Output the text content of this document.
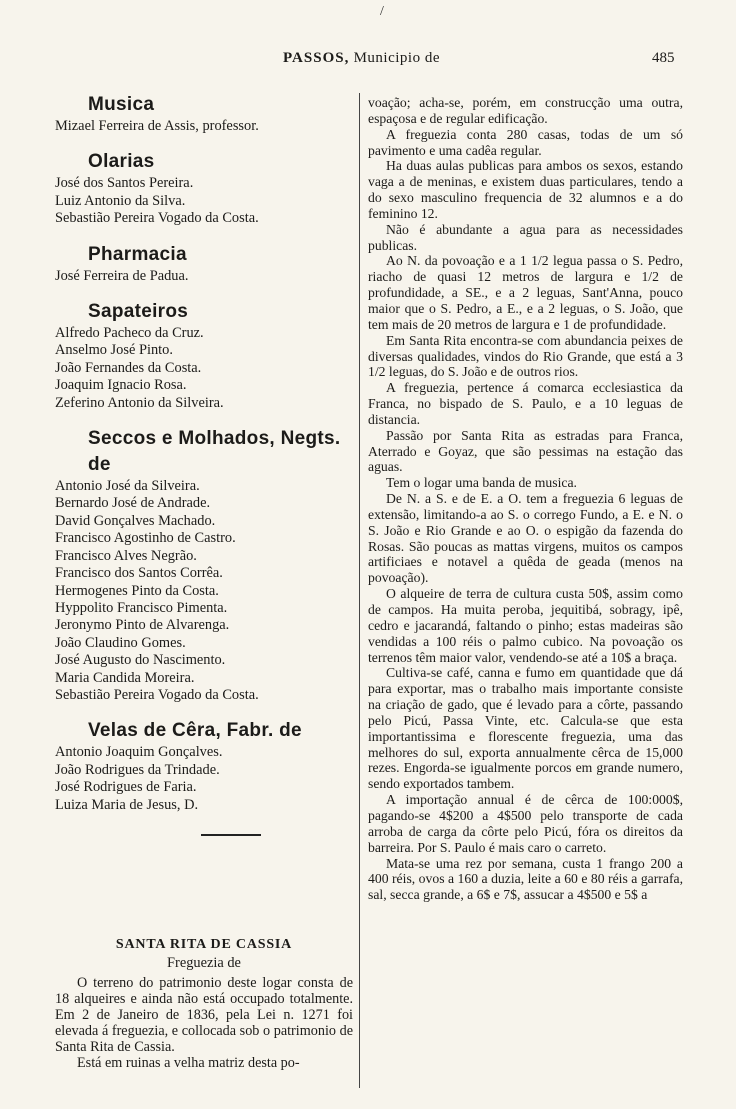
/
PASSOS, Municipio de	485
Musica
Mizael Ferreira de Assis, professor.
Olarias
José dos Santos Pereira.
Luiz Antonio da Silva.
Sebastião Pereira Vogado da Costa.
Pharmacia
José Ferreira de Padua.
Sapateiros
Alfredo Pacheco da Cruz.
Anselmo José Pinto.
João Fernandes da Costa.
Joaquim Ignacio Rosa.
Zeferino Antonio da Silveira.
Seccos e Molhados, Negts. de
Antonio José da Silveira.
Bernardo José de Andrade.
David Gonçalves Machado.
Francisco Agostinho de Castro.
Francisco Alves Negrão.
Francisco dos Santos Corrêa.
Hermogenes Pinto da Costa.
Hyppolito Francisco Pimenta.
Jeronymo Pinto de Alvarenga.
João Claudino Gomes.
José Augusto do Nascimento.
Maria Candida Moreira.
Sebastião Pereira Vogado da Costa.
Velas de Cêra, Fabr. de
Antonio Joaquim Gonçalves.
João Rodrigues da Trindade.
José Rodrigues de Faria.
Luiza Maria de Jesus, D.
SANTA RITA DE CASSIA
Freguezia de

O terreno do patrimonio deste logar consta de 18 alqueires e ainda não está occupado totalmente. Em 2 de Janeiro de 1836, pela Lei n. 1271 foi elevada á freguezia, e collocada sob o patrimonio de Santa Rita de Cassia.

Está em ruinas a velha matriz desta po-

voação; acha-se, porém, em construcção uma outra, espaçosa e de regular edificação.

A freguezia conta 280 casas, todas de um só pavimento e uma cadêa regular.

Ha duas aulas publicas para ambos os sexos, estando vaga a de meninas, e existem duas particulares, tendo a do sexo masculino frequencia de 32 alumnos e a do feminino 12.

Não é abundante a agua para as necessidades publicas.

Ao N. da povoação e a 1 1/2 legua passa o S. Pedro, riacho de quasi 12 metros de largura e 1/2 de profundidade, a SE., e a 2 leguas, Sant'Anna, pouco maior que o S. Pedro, a E., e a 2 leguas, o S. João, que tem mais de 20 metros de largura e 1 de profundidade.

Em Santa Rita encontra-se com abundancia peixes de diversas qualidades, vindos do Rio Grande, que está a 3 1/2 leguas, do S. João e de outros rios.

A freguezia, pertence á comarca ecclesiastica da Franca, no bispado de S. Paulo, e a 10 leguas de distancia.

Passão por Santa Rita as estradas para Franca, Aterrado e Goyaz, que são pessimas na estação das aguas.

Tem o logar uma banda de musica.

De N. a S. e de E. a O. tem a freguezia 6 leguas de extensão, limitando-a ao S. o corrego Fundo, a E. e N. o S. João e Rio Grande e ao O. o espigão da fazenda do Rosas. São poucas as mattas virgens, muitos os campos artificiaes e notavel a quêda de geada (menos na povoação).

O alqueire de terra de cultura custa 50$, assim como de campos. Ha muita peroba, jequitibá, sobragy, ipê, cedro e jacarandá, faltando o pinho; estas madeiras são vendidas a 100 réis o palmo cubico. Na povoação os terrenos têm maior valor, vendendo-se até a 10$ a braça.

Cultiva-se café, canna e fumo em quantidade que dá para exportar, mas o trabalho mais importante consiste na criação de gado, que é levado para a côrte, passando pelo Picú, Passa Vinte, etc. Calcula-se que esta importantissima e florescente freguezia, uma das melhores do sul, exporta annualmente cêrca de 15,000 rezes. Engorda-se igualmente porcos em grande numero, sendo exportados tambem.

A importação annual é de cêrca de 100:000$, pagando-se 4$200 a 4$500 pelo transporte de cada arroba de carga da côrte pelo Picú, fóra os direitos da barreira. Por S. Paulo é mais caro o carreto.

Mata-se uma rez por semana, custa 1 frango 200 a 400 réis, ovos a 160 a duzia, leite a 60 e 80 réis a garrafa, sal, secca grande, a 6$ e 7$, assucar a 4$500 e 5$ a
